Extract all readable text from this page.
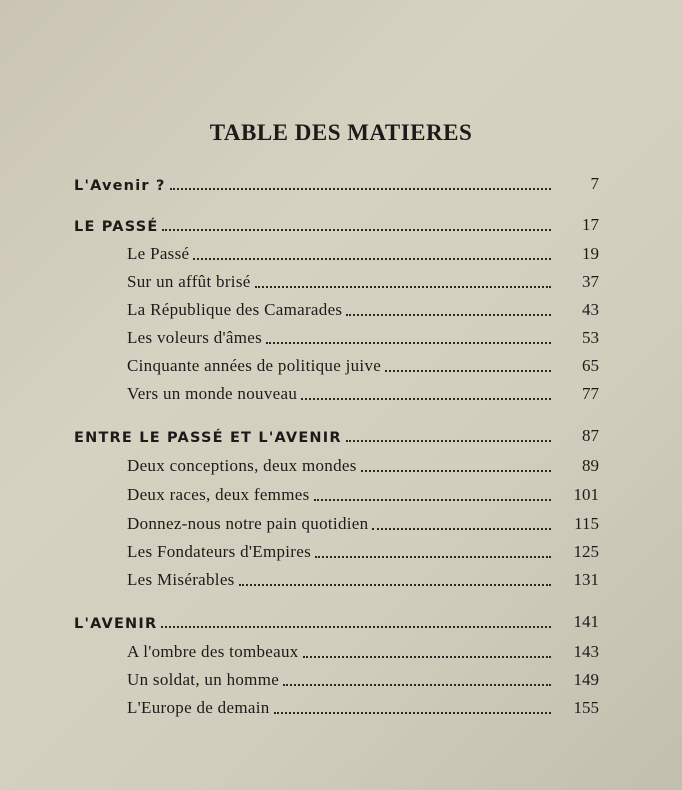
TABLE DES MATIERES
L'Avenir ?	7
LE PASSÉ	17
Le Passé	19
Sur un affût brisé	37
La République des Camarades	43
Les voleurs d'âmes	53
Cinquante années de politique juive	65
Vers un monde nouveau	77
ENTRE LE PASSÉ ET L'AVENIR	87
Deux conceptions, deux mondes	89
Deux races, deux femmes	101
Donnez-nous notre pain quotidien	115
Les Fondateurs d'Empires	125
Les Misérables	131
L'AVENIR	141
A l'ombre des tombeaux	143
Un soldat, un homme	149
L'Europe de demain	155
